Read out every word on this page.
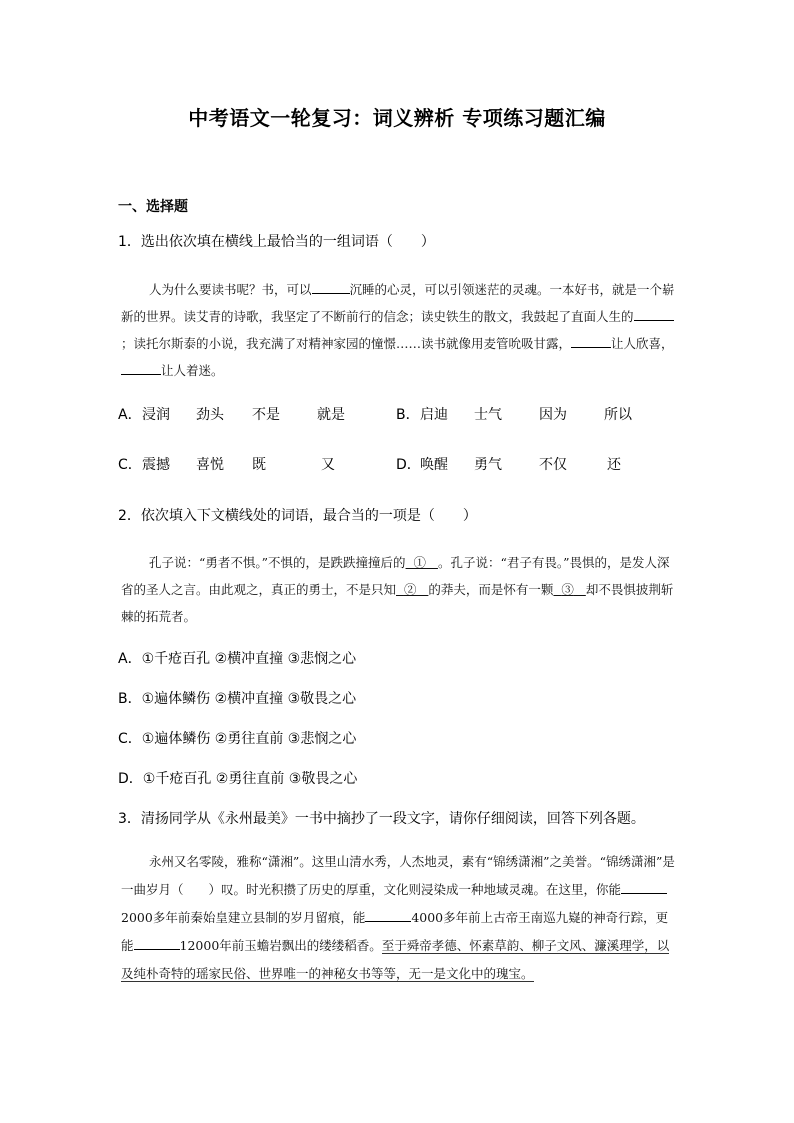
中考语文一轮复习：词义辨析 专项练习题汇编
一、选择题
1．选出依次填在横线上最恰当的一组词语（　　）
人为什么要读书呢？书，可以	沉睡的心灵，可以引领迷茫的灵魂。一本好书，就是一个崭新的世界。读艾青的诗歌，我坚定了不断前行的信念；读史铁生的散文，我鼓起了直面人生的；读托尔斯泰的小说，我充满了对精神家园的憧憬……读书就像用麦管吮吸甘露，	让人欣喜，让人着迷。
A． 浸润 劲头 不是	就是	B． 启迪 士气	因为	所以
C． 震撼 喜悦 既	又	D． 唤醒 勇气	不仅	还
2．依次填入下文横线处的词语，最合当的一项是（　　）
孔子说：“勇者不惧。”不惧的，是跌跌撞撞后的 ① 。孔子说：“君子有畏。”畏惧的，是发人深省的圣人之言。由此观之，真正的勇士，不是只知 ② 的莽夫，而是怀有一颗 ③ 却不畏惧披荆斩棘的拓荒者。
A．①千疮百孔 ②横冲直撞 ③悲悯之心
B．①遍体鳞伤 ②横冲直撞 ③敬畏之心
C．①遍体鳞伤 ②勇往直前 ③悲悯之心
D．①千疮百孔 ②勇往直前 ③敬畏之心
3．清扬同学从《永州最美》一书中摘抄了一段文字，请你仔细阅读，回答下列各题。
永州又名零陵，雅称“潇湘”。这里山清水秀，人杰地灵，素有“锦绣潇湘”之美誉。“锦绣潇湘”是一曲岁月（　　）叹。时光积攒了历史的厚重，文化则浸染成一种地域灵魂。在这里，你能2000多年前秦始皇建立县制的岁月留痕，能	4000多年前上古帝王南巡九嶷的神奇行踪，更能	12000年前玉蟾岩飘出的缕缕稻香。至于舜帝孝德、怀素草韵、柳子文风、濂溪理学，以及纯朴奇特的瑶家民俗、世界唯一的神秘女书等等，无一是文化中的瑰宝。
